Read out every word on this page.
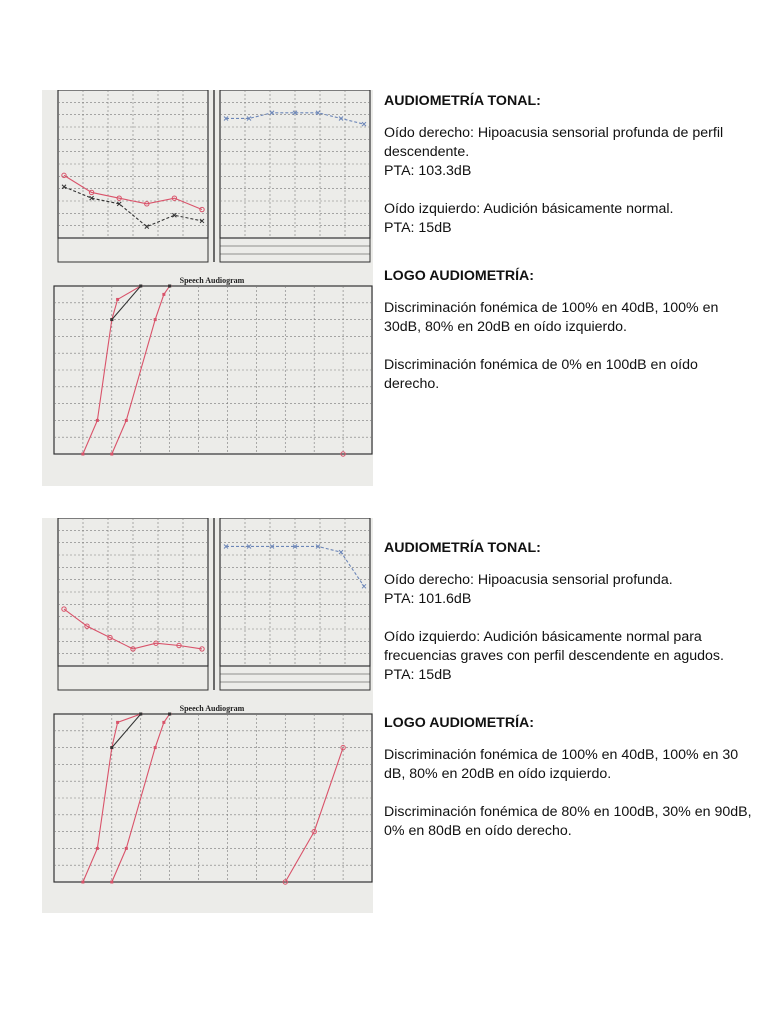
Speech Audiogram
AUDIOMETRÍA TONAL:
Oído derecho: Hipoacusia sensorial profunda de perfil descendente.
PTA: 103.3dB
Oído izquierdo: Audición básicamente normal.
PTA: 15dB
LOGO AUDIOMETRÍA:
Discriminación fonémica de 100% en 40dB, 100% en 30dB, 80% en 20dB en oído izquierdo.
Discriminación fonémica de 0% en 100dB en oído derecho.
Speech Audiogram
AUDIOMETRÍA TONAL:
Oído derecho: Hipoacusia sensorial profunda.
PTA: 101.6dB
Oído izquierdo: Audición básicamente normal para frecuencias graves con perfil descendente en agudos.
PTA: 15dB
LOGO AUDIOMETRÍA:
Discriminación fonémica de 100% en 40dB, 100% en 30 dB, 80% en 20dB en oído izquierdo.
Discriminación fonémica de 80% en 100dB, 30% en 90dB, 0% en 80dB en oído derecho.
